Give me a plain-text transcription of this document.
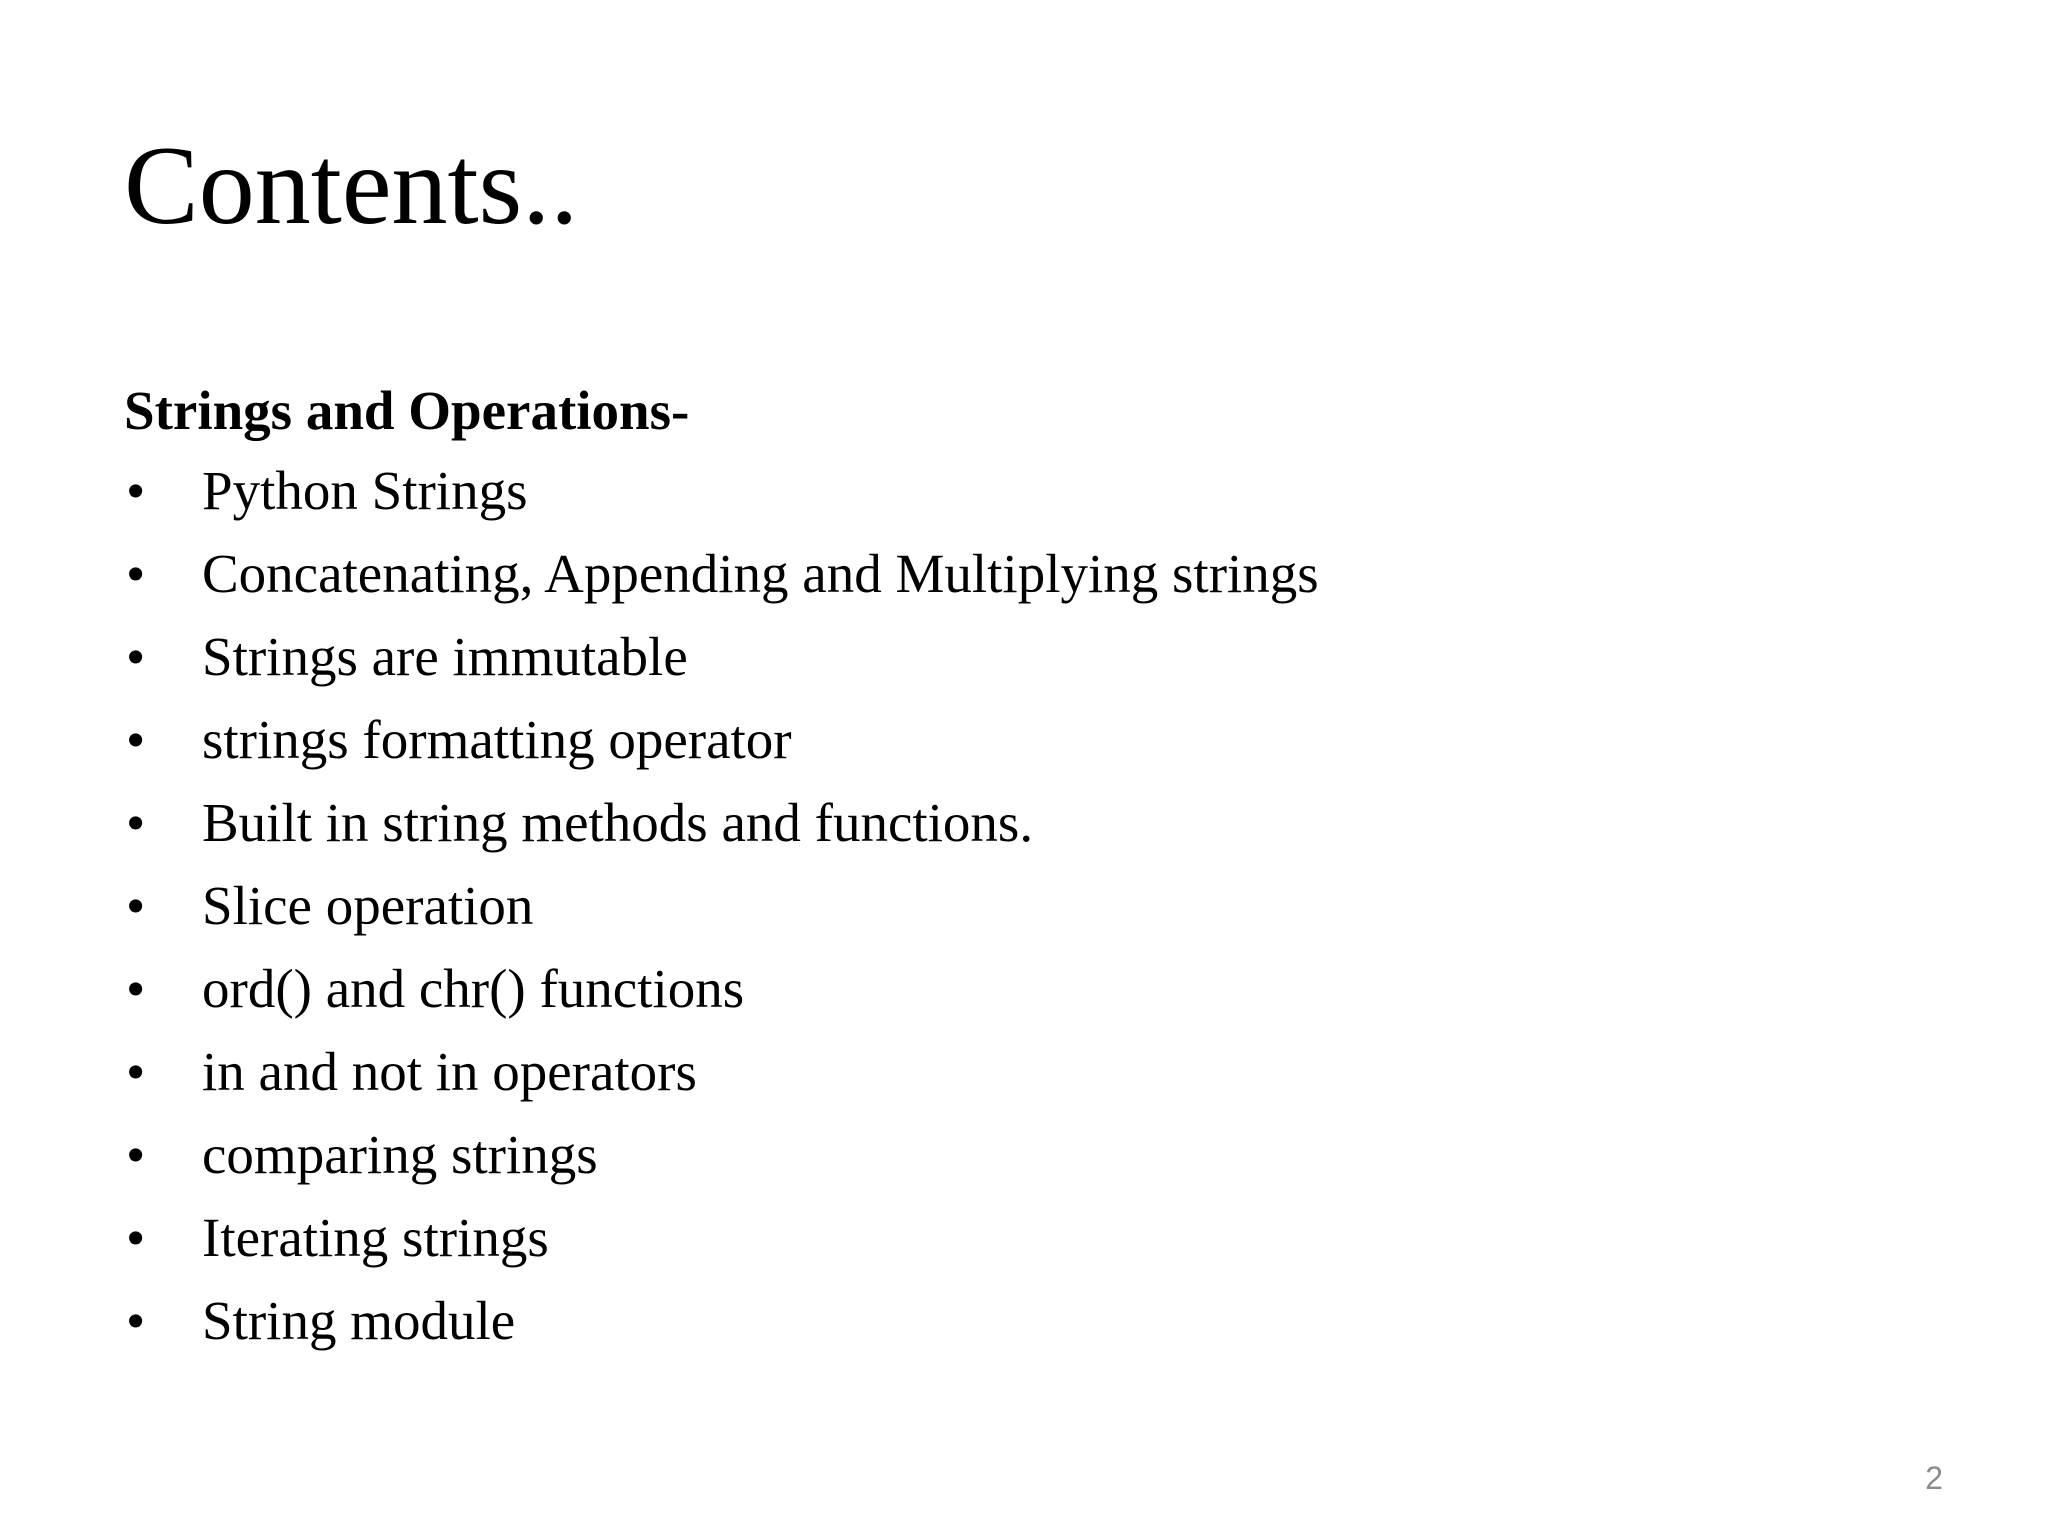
Contents..
Strings and Operations-
•	Python Strings
•	Concatenating, Appending and Multiplying strings
•	Strings are immutable
•	strings formatting operator
•	Built in string methods and functions.
•	Slice operation
•	ord() and chr() functions
•	in and not in operators
•	comparing strings
•	Iterating strings
•	String module
2
